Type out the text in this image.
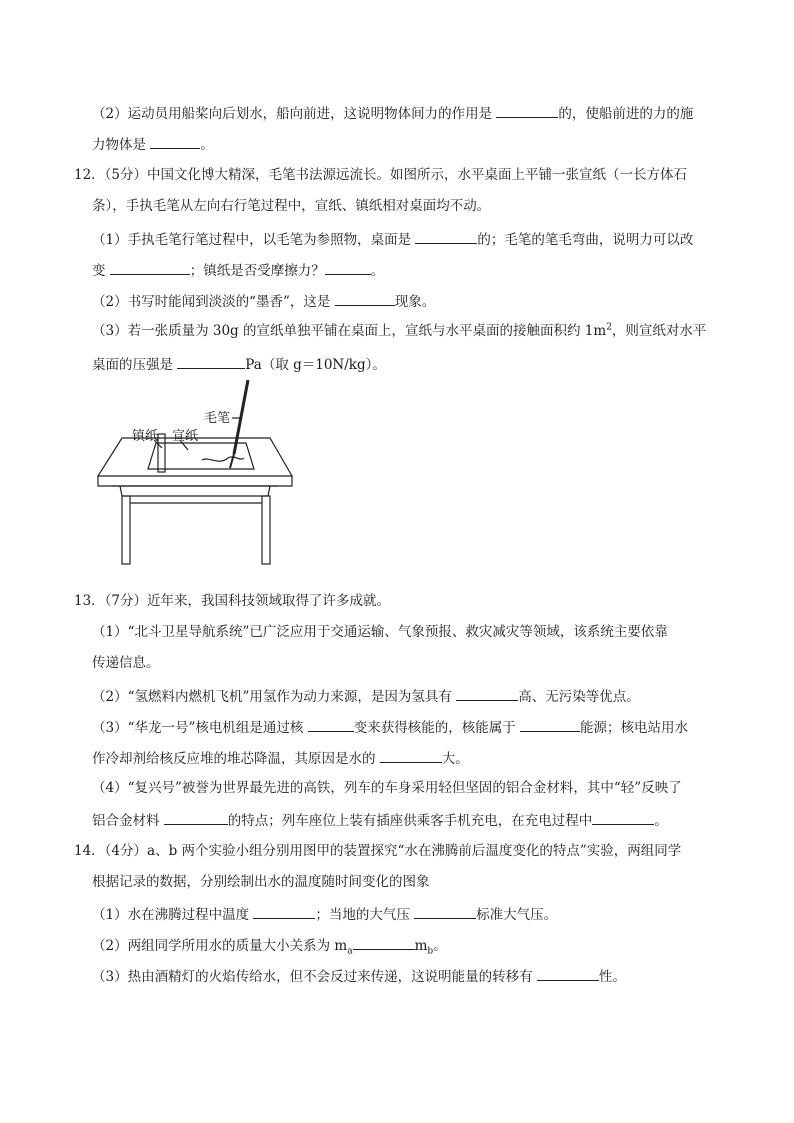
（2）运动员用船桨向后划水，船向前进，这说明物体间力的作用是	的，使船前进的力的施
力物体是	。
12．（5分）中国文化博大精深，毛笔书法源远流长。如图所示，水平桌面上平铺一张宣纸（一长方体石
条），手执毛笔从左向右行笔过程中，宣纸、镇纸相对桌面均不动。
（1）手执毛笔行笔过程中，以毛笔为参照物，桌面是	的；毛笔的笔毛弯曲，说明力可以改
变	；镇纸是否受摩擦力？	。
（2）书写时能闻到淡淡的“墨香”，这是	现象。
（3）若一张质量为 30g 的宣纸单独平铺在桌面上，宣纸与水平桌面的接触面积约 $1m^2$，则宣纸对水平
桌面的压强是	Pa（取 g＝10N/kg）。
毛笔
镇纸 宣纸
13．（7分）近年来，我国科技领域取得了许多成就。
（1）“北斗卫星导航系统”已广泛应用于交通运输、气象预报、救灾减灾等领域，该系统主要依靠
传递信息。
（2）“氢燃料内燃机飞机”用氢作为动力来源，是因为氢具有	高、无污染等优点。
（3）“华龙一号”核电机组是通过核	变来获得核能的，核能属于	能源；核电站用水
作冷却剂给核反应堆的堆芯降温，其原因是水的	大。
（4）“复兴号”被誉为世界最先进的高铁，列车的车身采用轻但坚固的铝合金材料，其中“轻”反映了
铝合金材料	的特点；列车座位上装有插座供乘客手机充电，在充电过程中	。
14．（4分）a、b 两个实验小组分别用图甲的装置探究“水在沸腾前后温度变化的特点”实验，两组同学
根据记录的数据，分别绘制出水的温度随时间变化的图象
（1）水在沸腾过程中温度	；当地的大气压	标准大气压。
（2）两组同学所用水的质量大小关系为 $m_a$	$m_b$。
（3）热由酒精灯的火焰传给水，但不会反过来传递，这说明能量的转移有	性。
